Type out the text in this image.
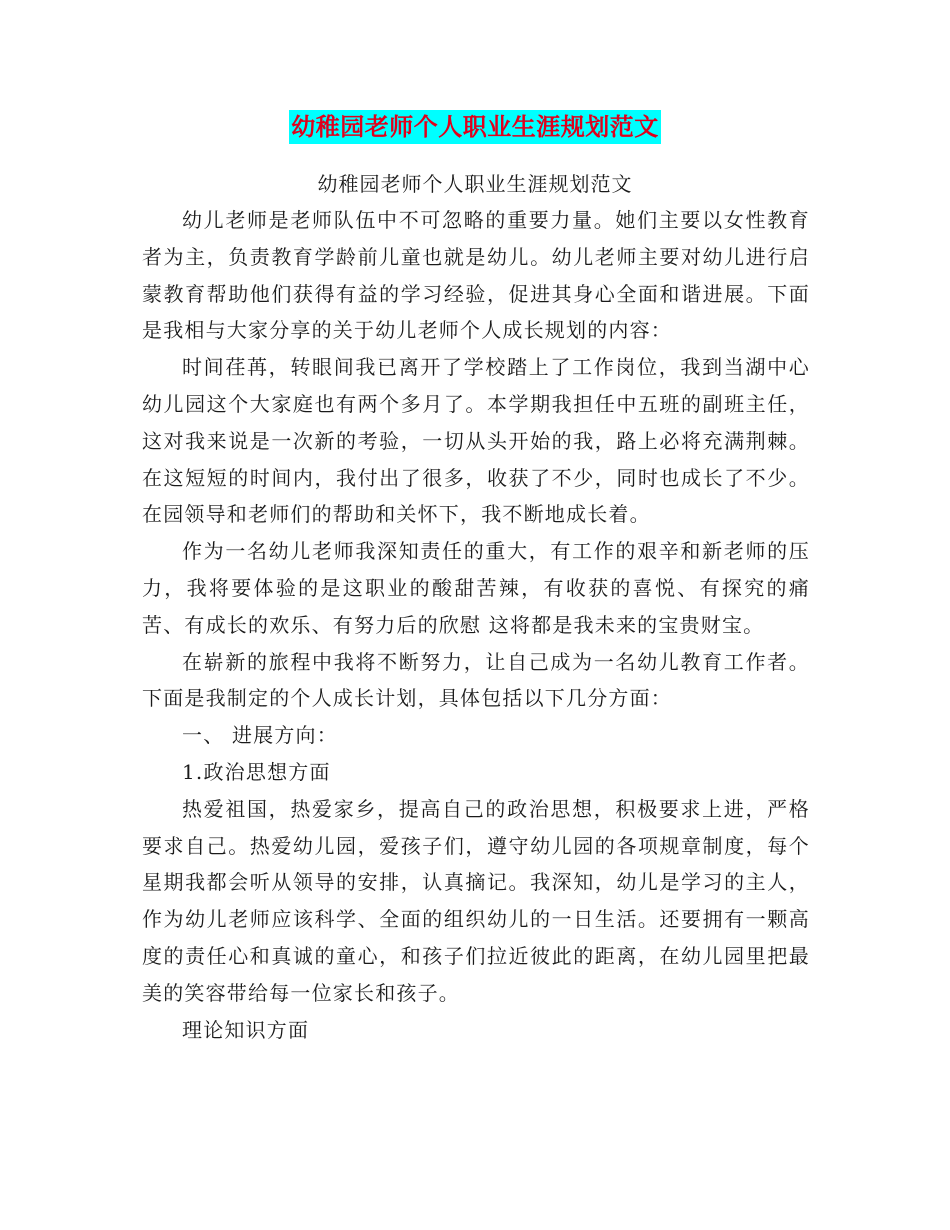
幼稚园老师个人职业生涯规划范文
幼稚园老师个人职业生涯规划范文

幼儿老师是老师队伍中不可忽略的重要力量。她们主要以女性教育者为主，负责教育学龄前儿童也就是幼儿。幼儿老师主要对幼儿进行启蒙教育帮助他们获得有益的学习经验，促进其身心全面和谐进展。下面是我相与大家分享的关于幼儿老师个人成长规划的内容：

时间荏苒，转眼间我已离开了学校踏上了工作岗位，我到当湖中心幼儿园这个大家庭也有两个多月了。本学期我担任中五班的副班主任，这对我来说是一次新的考验，一切从头开始的我，路上必将充满荆棘。在这短短的时间内，我付出了很多，收获了不少，同时也成长了不少。在园领导和老师们的帮助和关怀下，我不断地成长着。

作为一名幼儿老师我深知责任的重大，有工作的艰辛和新老师的压力，我将要体验的是这职业的酸甜苦辣，有收获的喜悦、有探究的痛苦、有成长的欢乐、有努力后的欣慰 这将都是我未来的宝贵财宝。

在崭新的旅程中我将不断努力，让自己成为一名幼儿教育工作者。下面是我制定的个人成长计划，具体包括以下几分方面：

一、 进展方向：

1.政治思想方面

热爱祖国，热爱家乡，提高自己的政治思想，积极要求上进，严格要求自己。热爱幼儿园，爱孩子们，遵守幼儿园的各项规章制度，每个星期我都会听从领导的安排，认真摘记。我深知，幼儿是学习的主人，作为幼儿老师应该科学、全面的组织幼儿的一日生活。还要拥有一颗高度的责任心和真诚的童心，和孩子们拉近彼此的距离，在幼儿园里把最美的笑容带给每一位家长和孩子。

理论知识方面
